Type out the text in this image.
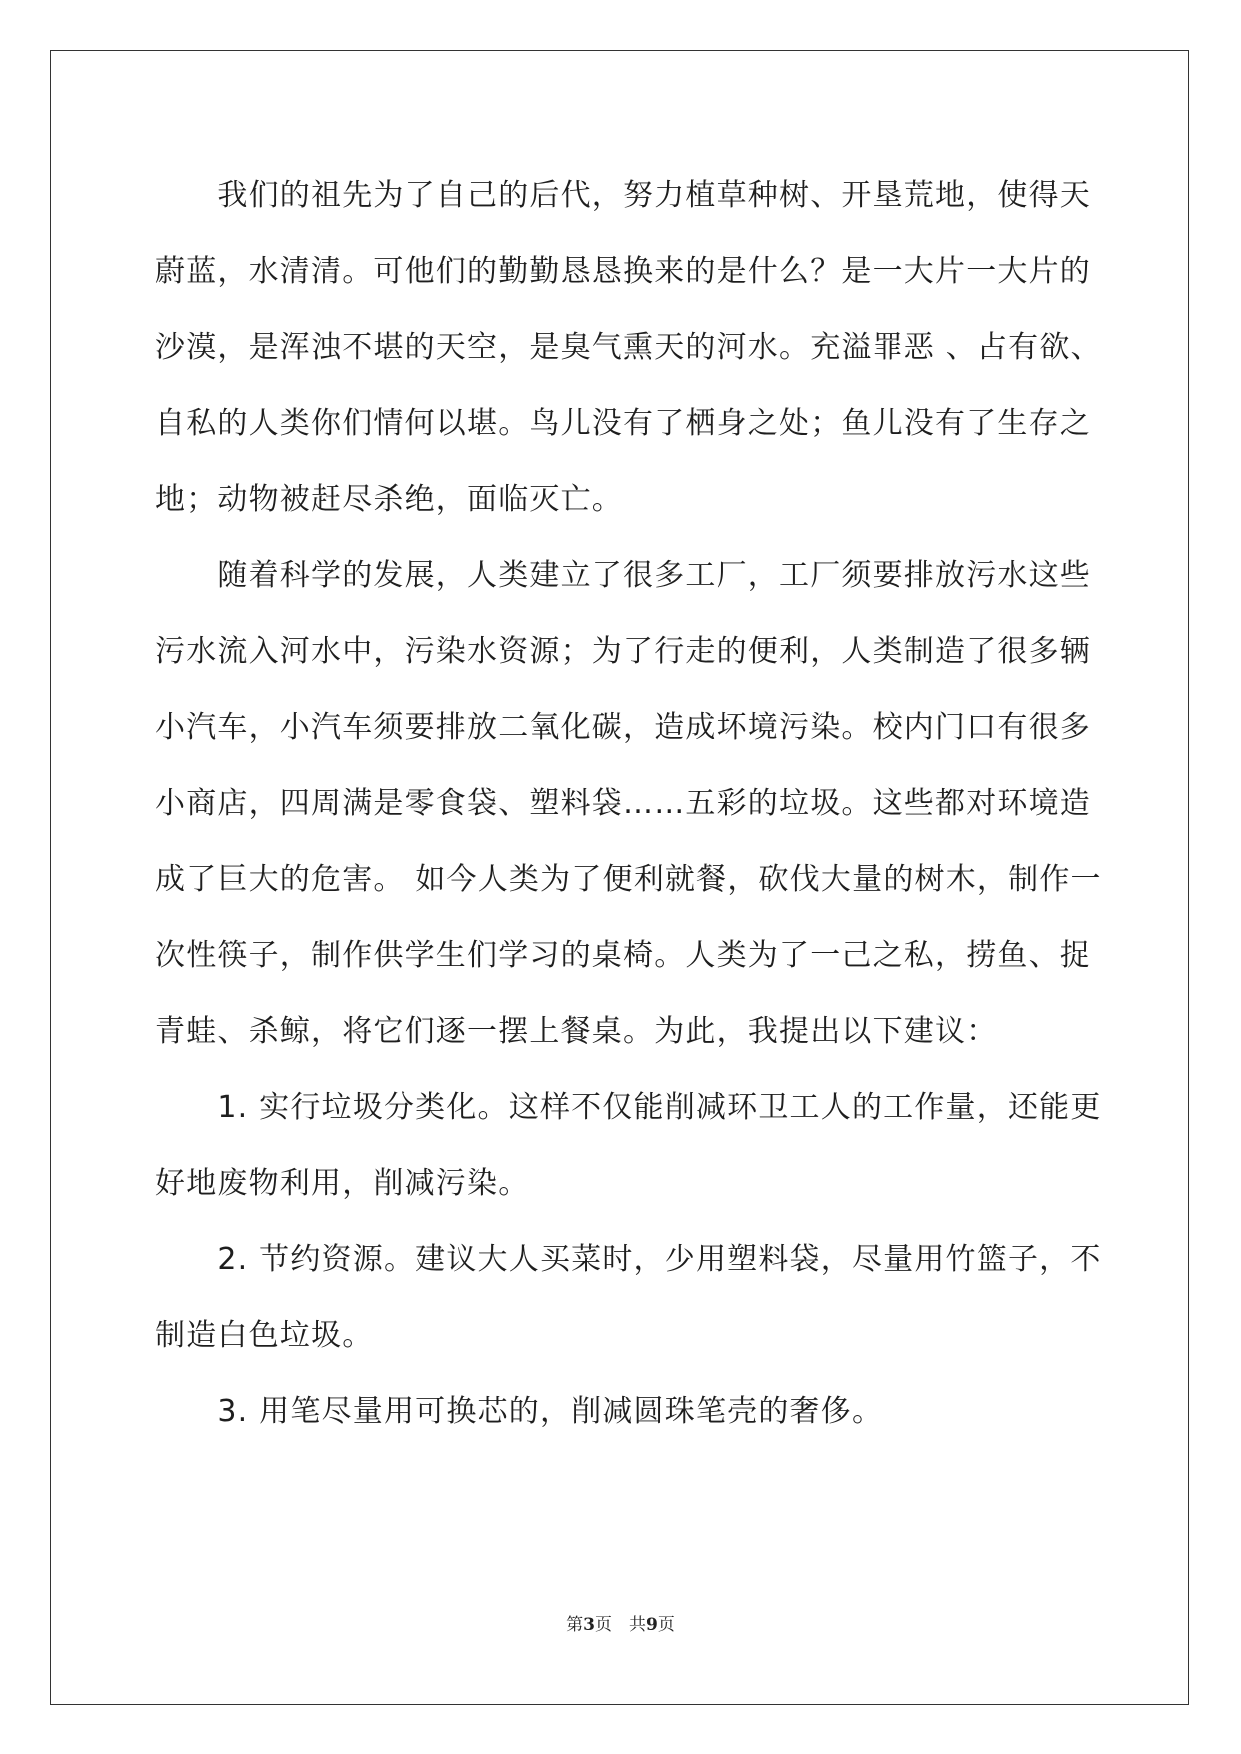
　　我们的祖先为了自己的后代，努力植草种树、开垦荒地，使得天
蔚蓝，水清清。可他们的勤勤恳恳换来的是什么？是一大片一大片的
沙漠，是浑浊不堪的天空，是臭气熏天的河水。充溢罪恶 、占有欲、
自私的人类你们情何以堪。鸟儿没有了栖身之处；鱼儿没有了生存之
地；动物被赶尽杀绝，面临灭亡。
　　随着科学的发展，人类建立了很多工厂，工厂须要排放污水这些
污水流入河水中，污染水资源；为了行走的便利，人类制造了很多辆
小汽车，小汽车须要排放二氧化碳，造成坏境污染。校内门口有很多
小商店，四周满是零食袋、塑料袋……五彩的垃圾。这些都对环境造
成了巨大的危害。 如今人类为了便利就餐，砍伐大量的树木，制作一
次性筷子，制作供学生们学习的桌椅。人类为了一己之私，捞鱼、捉
青蛙、杀鲸，将它们逐一摆上餐桌。为此，我提出以下建议：
　　1. 实行垃圾分类化。这样不仅能削减环卫工人的工作量，还能更
好地废物利用，削减污染。
　　2. 节约资源。建议大人买菜时，少用塑料袋，尽量用竹篮子，不
制造白色垃圾。
　　3. 用笔尽量用可换芯的，削减圆珠笔壳的奢侈。
第3页　共9页
